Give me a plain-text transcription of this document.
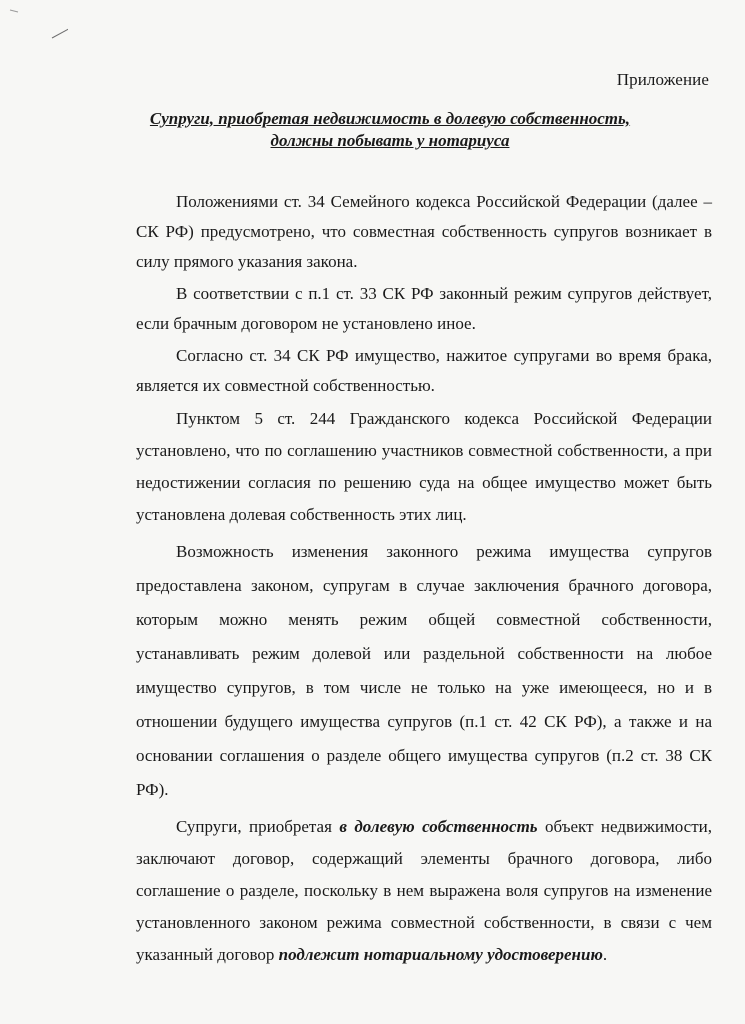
Приложение
Супруги, приобретая недвижимость в долевую собственность,
должны побывать у нотариуса

Положениями ст. 34 Семейного кодекса Российской Федерации (далее – СК РФ) предусмотрено, что совместная собственность супругов возникает в силу прямого указания закона.

В соответствии с п.1 ст. 33 СК РФ законный режим супругов действует, если брачным договором не установлено иное.

Согласно ст. 34 СК РФ имущество, нажитое супругами во время брака, является их совместной собственностью.

Пунктом 5 ст. 244 Гражданского кодекса Российской Федерации установлено, что по соглашению участников совместной собственности, а при недостижении согласия по решению суда на общее имущество может быть установлена долевая собственность этих лиц.

Возможность изменения законного режима имущества супругов предоставлена законом, супругам в случае заключения брачного договора, которым можно менять режим общей совместной собственности, устанавливать режим долевой или раздельной собственности на любое имущество супругов, в том числе не только на уже имеющееся, но и в отношении будущего имущества супругов (п.1 ст. 42 СК РФ), а также и на основании соглашения о разделе общего имущества супругов (п.2 ст. 38 СК РФ).

Супруги, приобретая в долевую собственность объект недвижимости, заключают договор, содержащий элементы брачного договора, либо соглашение о разделе, поскольку в нем выражена воля супругов на изменение установленного законом режима совместной собственности, в связи с чем указанный договор подлежит нотариальному удостоверению.
